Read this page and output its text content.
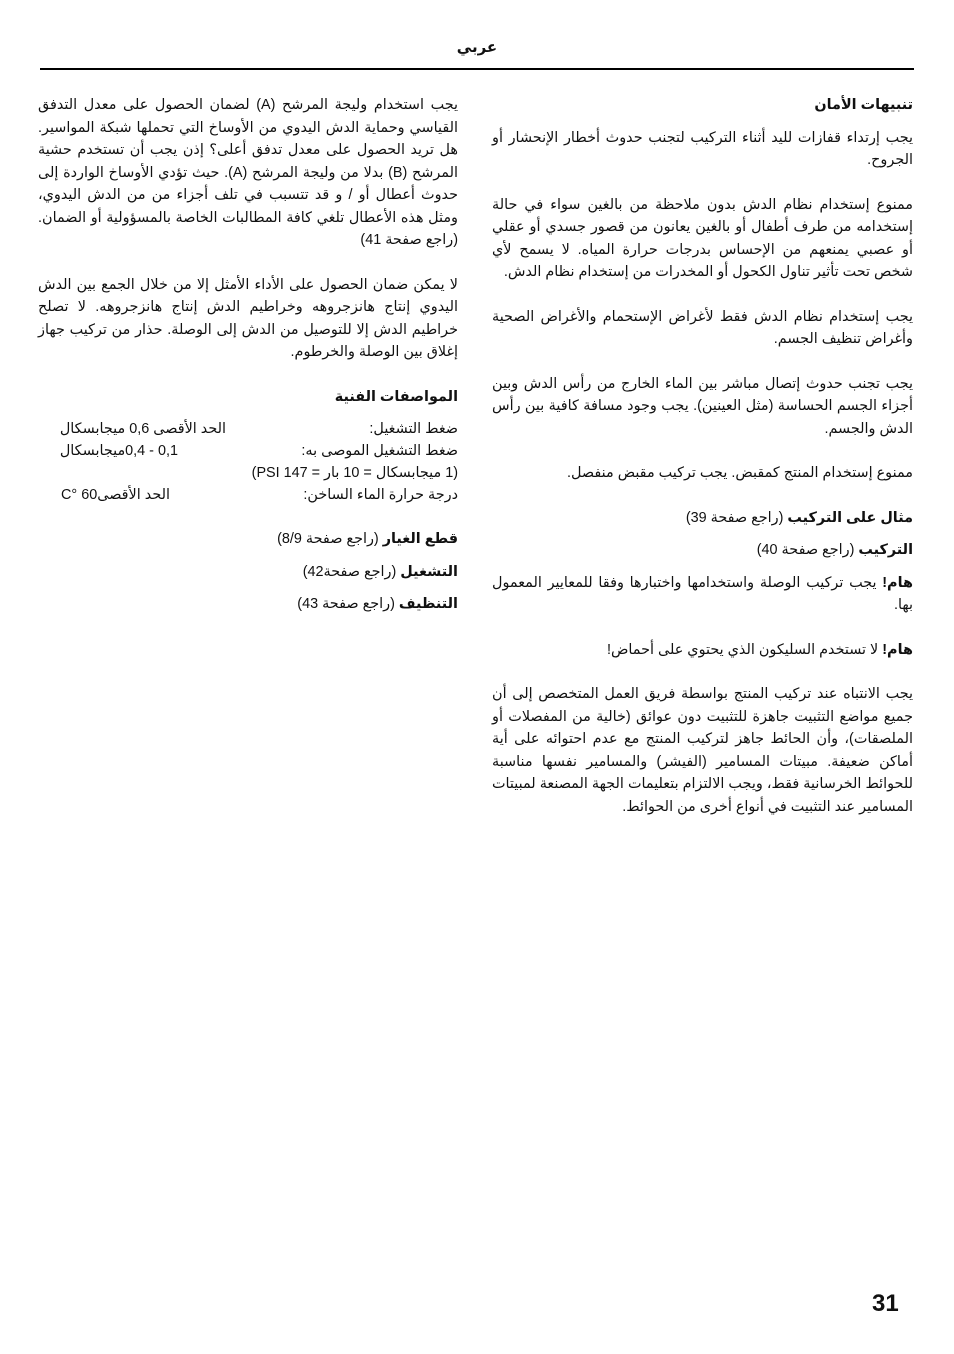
عربي
تنبيهات الأمان

يجب إرتداء قفازات لليد أثناء التركيب لتجنب حدوث أخطار الإنحشار أو الجروح.

ممنوع إستخدام نظام الدش بدون ملاحظة من بالغين سواء في حالة إستخدامه من طرف أطفال أو بالغين يعانون من قصور جسدي أو عقلي أو عصبي يمنعهم من الإحساس بدرجات حرارة المياه. لا يسمح لأي شخص تحت تأثير تناول الكحول أو المخدرات من إستخدام نظام الدش.

يجب إستخدام نظام الدش فقط لأغراض الإستحمام والأغراض الصحية وأغراض تنظيف الجسم.

يجب تجنب حدوث إتصال مباشر بين الماء الخارج من رأس الدش وبين أجزاء الجسم الحساسة (مثل العينين). يجب وجود مسافة كافية بين رأس الدش والجسم.

ممنوع إستخدام المنتج كمقبض. يجب تركيب مقبض منفصل.

مثال على التركيب (راجع صفحة 39)

التركيب (راجع صفحة 40)

هام! يجب تركيب الوصلة واستخدامها واختبارها وفقا للمعايير المعمول بها.

هام! لا تستخدم السليكون الذي يحتوي على أحماض!

يجب الانتباه عند تركيب المنتج بواسطة فريق العمل المتخصص إلى أن جميع مواضع التثبيت جاهزة للتثبيت دون عوائق (خالية من المفصلات أو الملصقات)، وأن الحائط جاهز لتركيب المنتج مع عدم احتوائه على أية أماكن ضعيفة. مبيتات المسامير (الفيشر) والمسامير نفسها مناسبة للحوائط الخرسانية فقط، ويجب الالتزام بتعليمات الجهة المصنعة لمبيتات المسامير عند التثبيت في أنواع أخرى من الحوائط.

يجب استخدام وليجة المرشح (A) لضمان الحصول على معدل التدفق القياسي وحماية الدش اليدوي من الأوساخ التي تحملها شبكة المواسير. هل تريد الحصول على معدل تدفق أعلى؟ إذن يجب أن تستخدم حشية المرشح (B) بدلا من وليجة المرشح (A). حيث تؤدي الأوساخ الواردة إلى حدوث أعطال أو / و قد تتسبب في تلف أجزاء من من الدش اليدوي، ومثل هذه الأعطال تلغي كافة المطالبات الخاصة بالمسؤولية أو الضمان. (راجع صفحة 41)

لا يمكن ضمان الحصول على الأداء الأمثل إلا من خلال الجمع بين الدش اليدوي إنتاج هانزجروهه وخراطيم الدش إنتاج هانزجروهه. لا تصلح خراطيم الدش إلا للتوصيل من الدش إلى الوصلة. حذار من تركيب جهاز إغلاق بين الوصلة والخرطوم.

المواصفات الفنية
ضغط التشغيل:
الحد الأقصى 0,6 ميجابسكال
ضغط التشغيل الموصى به:
0,1 - 0,4ميجابسكال
(1 ميجابسكال = 10 بار = 147 PSI)
درجة حرارة الماء الساخن:
الحد الأقصى60 °C

قطع الغيار (راجع صفحة 8/9)

التشغيل (راجع صفحة42)

التنظيف (راجع صفحة 43)

31
